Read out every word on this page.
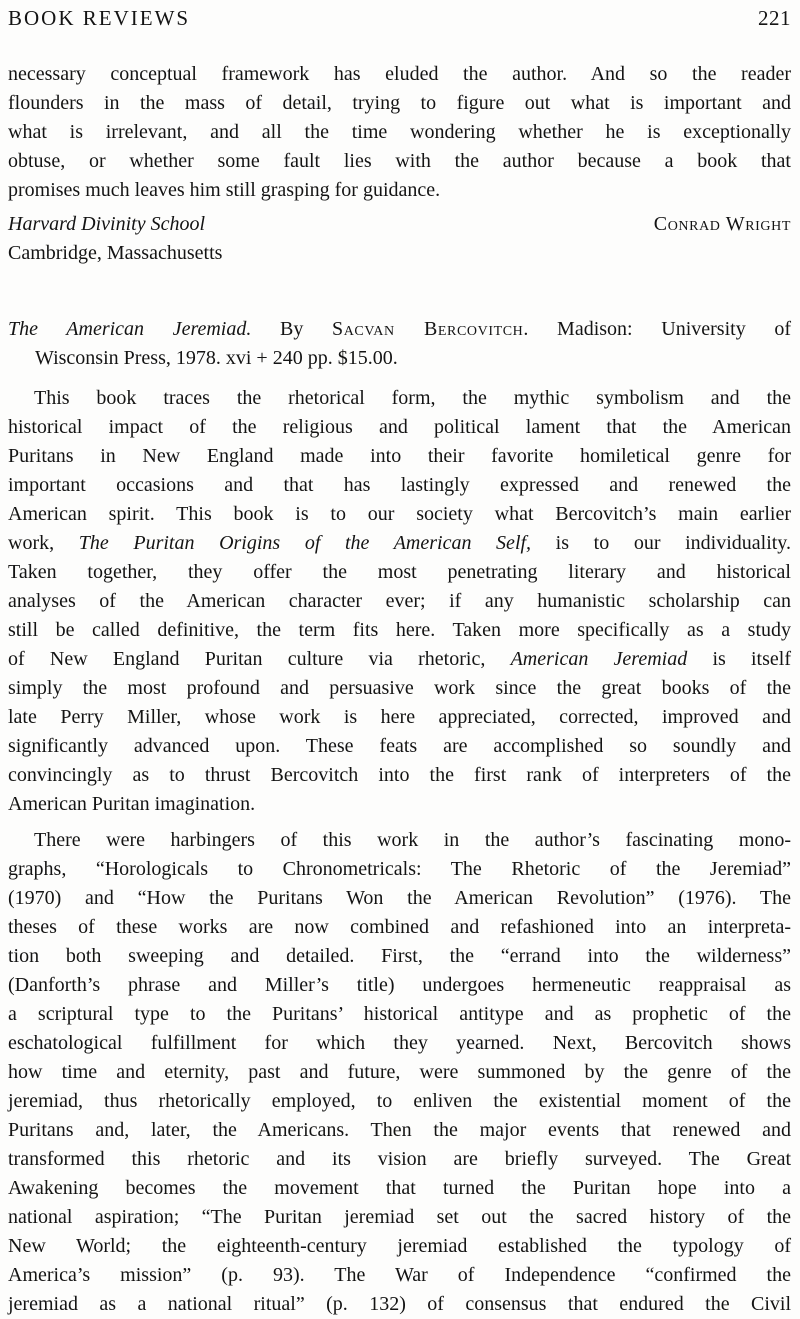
BOOK REVIEWS	221
necessary conceptual framework has eluded the author. And so the reader
flounders in the mass of detail, trying to figure out what is important and
what is irrelevant, and all the time wondering whether he is exceptionally
obtuse, or whether some fault lies with the author because a book that
promises much leaves him still grasping for guidance.
Harvard Divinity School	Conrad Wright
Cambridge, Massachusetts
The American Jeremiad. By Sacvan Bercovitch. Madison: University of
Wisconsin Press, 1978. xvi + 240 pp. $15.00.
This book traces the rhetorical form, the mythic symbolism and the
historical impact of the religious and political lament that the American
Puritans in New England made into their favorite homiletical genre for
important occasions and that has lastingly expressed and renewed the
American spirit. This book is to our society what Bercovitch’s main earlier
work, The Puritan Origins of the American Self, is to our individuality.
Taken together, they offer the most penetrating literary and historical
analyses of the American character ever; if any humanistic scholarship can
still be called definitive, the term fits here. Taken more specifically as a study
of New England Puritan culture via rhetoric, American Jeremiad is itself
simply the most profound and persuasive work since the great books of the
late Perry Miller, whose work is here appreciated, corrected, improved and
significantly advanced upon. These feats are accomplished so soundly and
convincingly as to thrust Bercovitch into the first rank of interpreters of the
American Puritan imagination.
There were harbingers of this work in the author’s fascinating mono-
graphs, “Horologicals to Chronometricals: The Rhetoric of the Jeremiad”
(1970) and “How the Puritans Won the American Revolution” (1976). The
theses of these works are now combined and refashioned into an interpreta-
tion both sweeping and detailed. First, the “errand into the wilderness”
(Danforth’s phrase and Miller’s title) undergoes hermeneutic reappraisal as
a scriptural type to the Puritans’ historical antitype and as prophetic of the
eschatological fulfillment for which they yearned. Next, Bercovitch shows
how time and eternity, past and future, were summoned by the genre of the
jeremiad, thus rhetorically employed, to enliven the existential moment of the
Puritans and, later, the Americans. Then the major events that renewed and
transformed this rhetoric and its vision are briefly surveyed. The Great
Awakening becomes the movement that turned the Puritan hope into a
national aspiration; “The Puritan jeremiad set out the sacred history of the
New World; the eighteenth-century jeremiad established the typology of
America’s mission” (p. 93). The War of Independence “confirmed the
jeremiad as a national ritual” (p. 132) of consensus that endured the Civil
